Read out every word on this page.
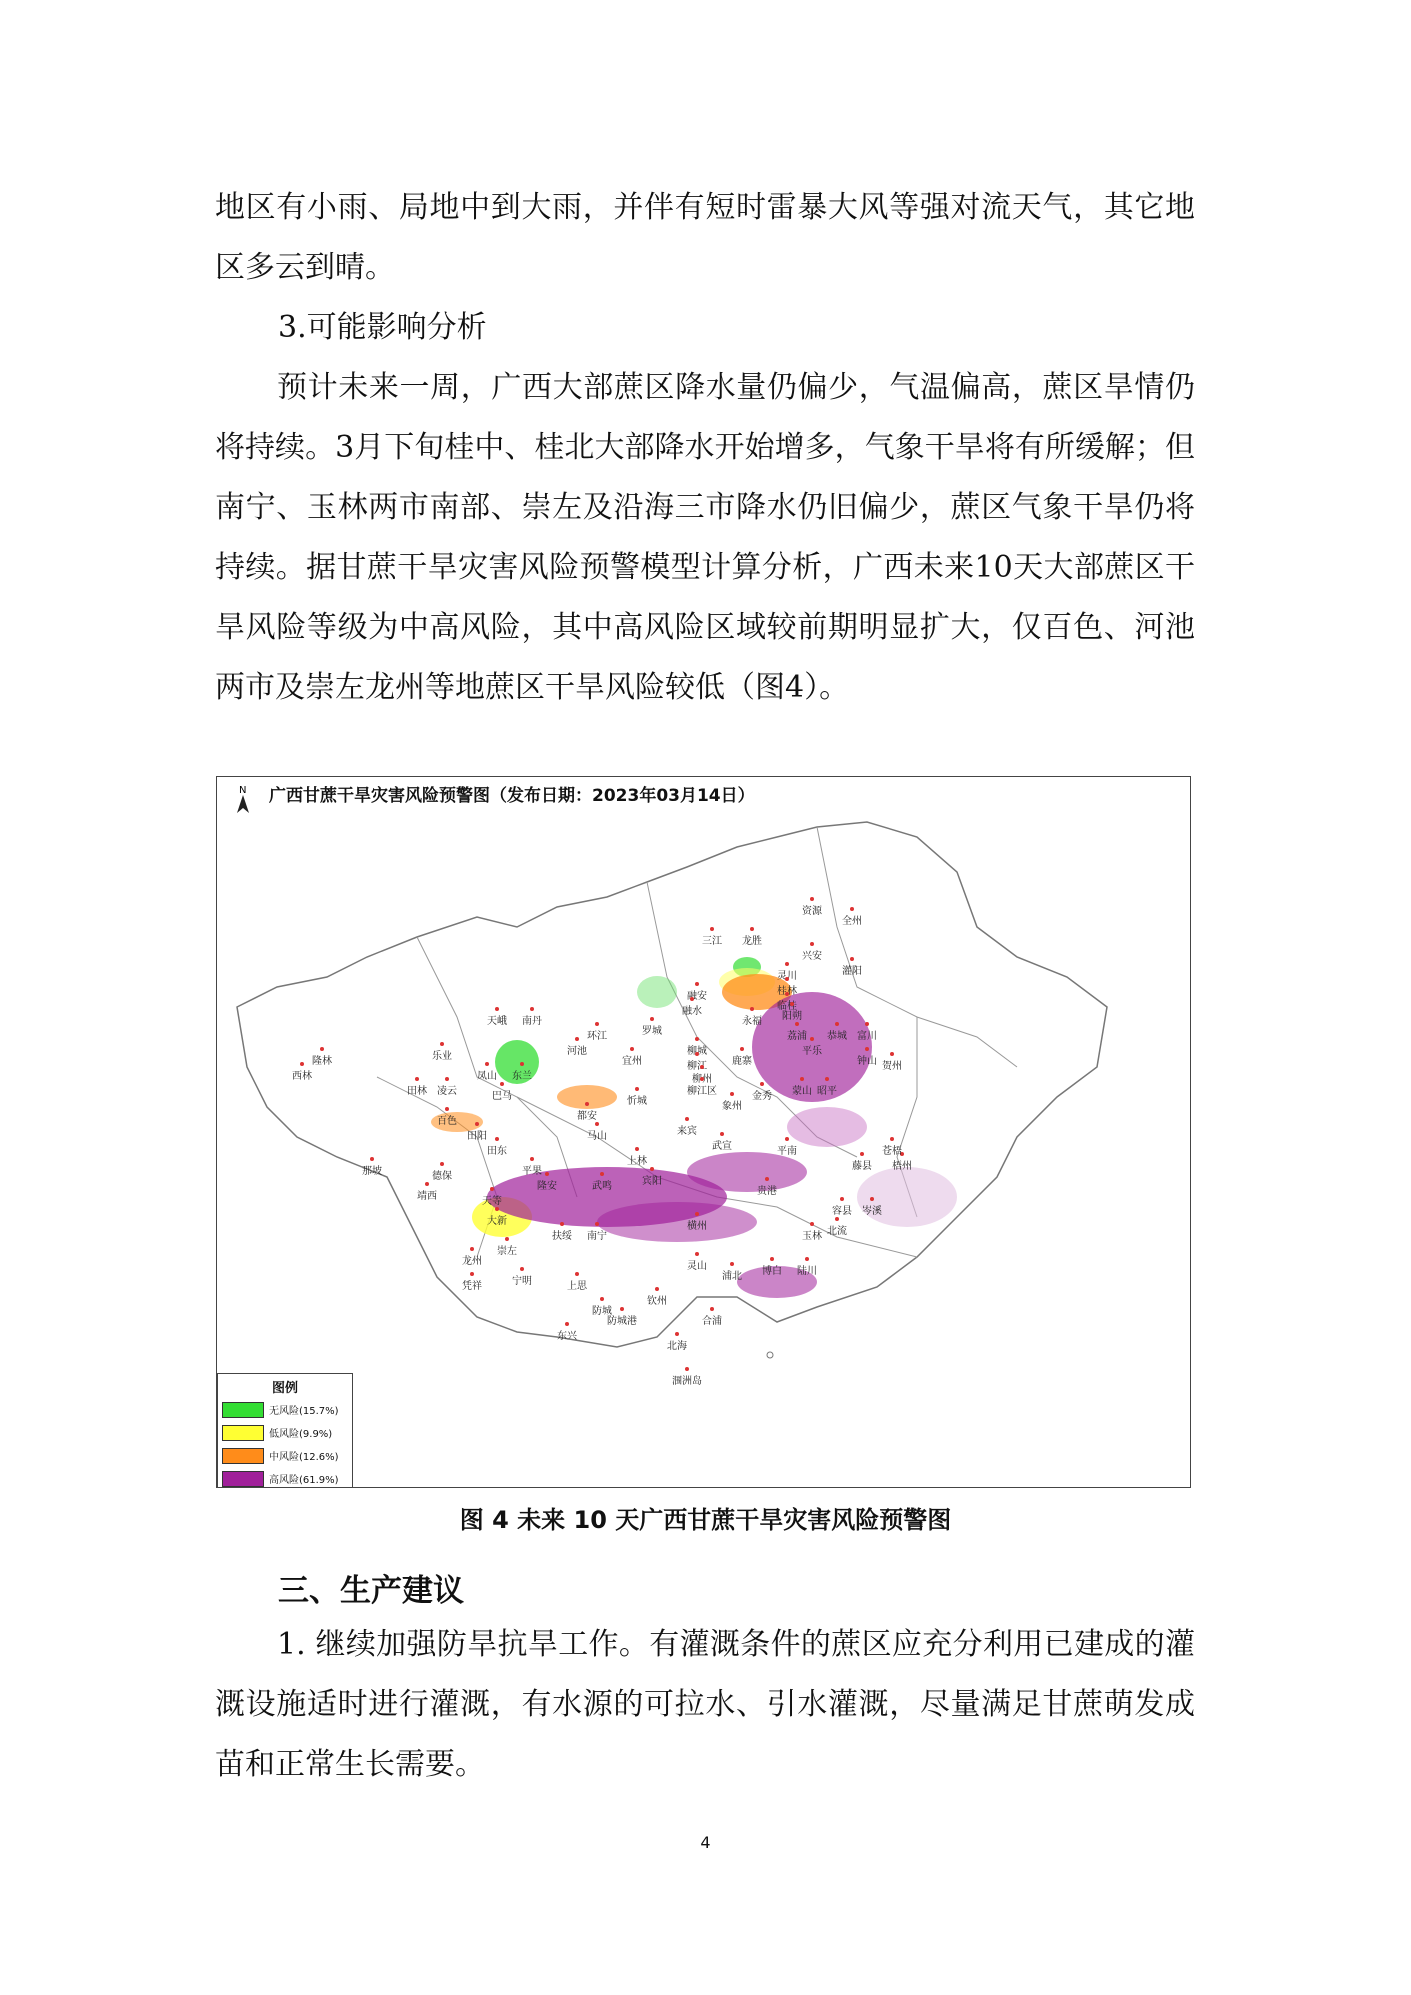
地区有小雨、局地中到大雨，并伴有短时雷暴大风等强对流天气，其它地区多云到晴。

3.可能影响分析

预计未来一周，广西大部蔗区降水量仍偏少，气温偏高，蔗区旱情仍将持续。3月下旬桂中、桂北大部降水开始增多，气象干旱将有所缓解；但南宁、玉林两市南部、崇左及沿海三市降水仍旧偏少，蔗区气象干旱仍将持续。据甘蔗干旱灾害风险预警模型计算分析，广西未来10天大部蔗区干旱风险等级为中高风险，其中高风险区域较前期明显扩大，仅百色、河池两市及崇左龙州等地蔗区干旱风险较低（图4）。

N 广西甘蔗干旱灾害风险预警图（发布日期：2023年03月14日）
资源
全州
三江 龙胜
兴安
灌阳
灵川
桂林
临桂
阳朔
融安
融水
永福
罗城	荔浦 恭城 富川
天峨 南丹
环江
河池
宜州
柳城
鹿寨
平乐
钟山 贺州
隆林
西林
乐业
凤山 东兰
柳江
柳州
柳江区	昭平
金秀 蒙山
象州
田林 凌云	巴马
都安
忻城
来宾
武宣
百色
田阳
田东
马山
上林
平南
藤县 梧州
苍梧
那坡	德保	平果
隆安	武鸣	宾阳
贵港
岑溪
靖西	天等
大新
崇左
扶绥 南宁
横州
玉林 北流
容县
龙州
凭祥	宁明	上思
灵山
浦北 博白 陆川
防城
防城港
钦州
合浦
北海
东兴
涠洲岛
图例
无风险(15.7%)
低风险(9.9%)
中风险(12.6%)
高风险(61.9%)
图 4 未来 10 天广西甘蔗干旱灾害风险预警图
三、生产建议

1. 继续加强防旱抗旱工作。有灌溉条件的蔗区应充分利用已建成的灌溉设施适时进行灌溉，有水源的可拉水、引水灌溉，尽量满足甘蔗萌发成苗和正常生长需要。

4
